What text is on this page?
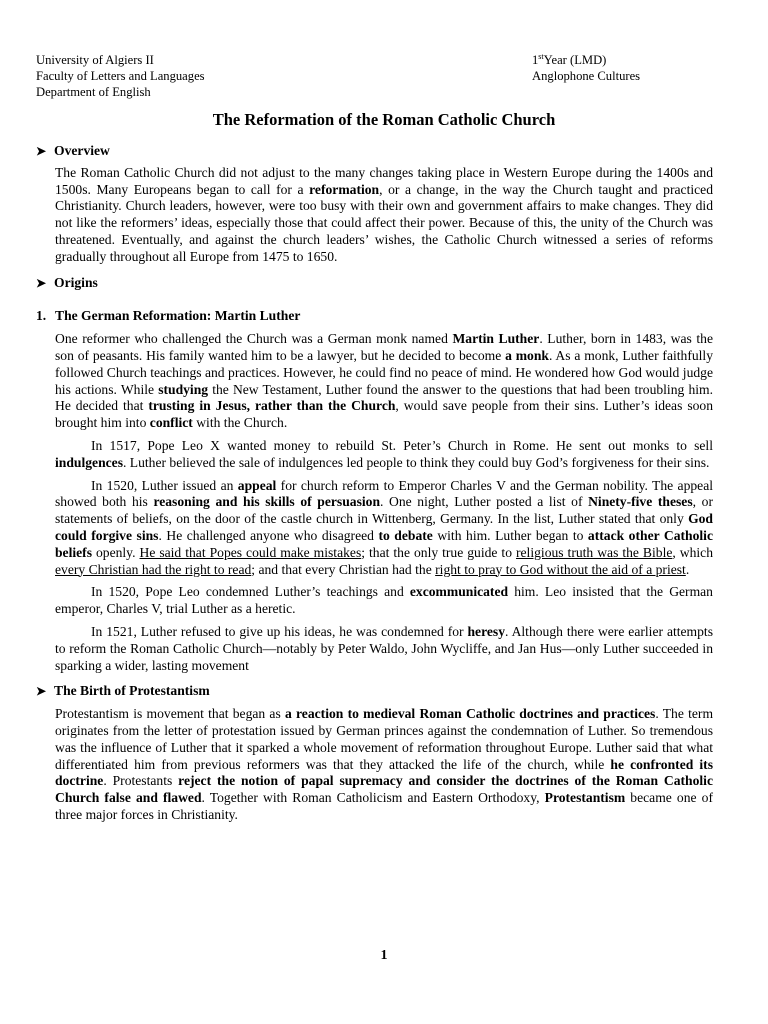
University of Algiers II
Faculty of Letters and Languages
Department of English
1stYear (LMD)
Anglophone Cultures
The Reformation of the Roman Catholic Church
➤ Overview

The Roman Catholic Church did not adjust to the many changes taking place in Western Europe during the 1400s and 1500s. Many Europeans began to call for a reformation, or a change, in the way the Church taught and practiced Christianity. Church leaders, however, were too busy with their own and government affairs to make changes. They did not like the reformers’ ideas, especially those that could affect their power. Because of this, the unity of the Church was threatened. Eventually, and against the church leaders’ wishes, the Catholic Church witnessed a series of reforms gradually throughout all Europe from 1475 to 1650.

➤ Origins
1. The German Reformation: Martin Luther

One reformer who challenged the Church was a German monk named Martin Luther. Luther, born in 1483, was the son of peasants. His family wanted him to be a lawyer, but he decided to become a monk. As a monk, Luther faithfully followed Church teachings and practices. However, he could find no peace of mind. He wondered how God would judge his actions. While studying the New Testament, Luther found the answer to the questions that had been troubling him. He decided that trusting in Jesus, rather than the Church, would save people from their sins. Luther’s ideas soon brought him into conflict with the Church.

In 1517, Pope Leo X wanted money to rebuild St. Peter’s Church in Rome. He sent out monks to sell indulgences. Luther believed the sale of indulgences led people to think they could buy God’s forgiveness for their sins.

In 1520, Luther issued an appeal for church reform to Emperor Charles V and the German nobility. The appeal showed both his reasoning and his skills of persuasion. One night, Luther posted a list of Ninety-five theses, or statements of beliefs, on the door of the castle church in Wittenberg, Germany. In the list, Luther stated that only God could forgive sins. He challenged anyone who disagreed to debate with him. Luther began to attack other Catholic beliefs openly. He said that Popes could make mistakes; that the only true guide to religious truth was the Bible, which every Christian had the right to read; and that every Christian had the right to pray to God without the aid of a priest.

In 1520, Pope Leo condemned Luther’s teachings and excommunicated him. Leo insisted that the German emperor, Charles V, trial Luther as a heretic.

In 1521, Luther refused to give up his ideas, he was condemned for heresy. Although there were earlier attempts to reform the Roman Catholic Church—notably by Peter Waldo, John Wycliffe, and Jan Hus—only Luther succeeded in sparking a wider, lasting movement

➤ The Birth of Protestantism

Protestantism is movement that began as a reaction to medieval Roman Catholic doctrines and practices. The term originates from the letter of protestation issued by German princes against the condemnation of Luther. So tremendous was the influence of Luther that it sparked a whole movement of reformation throughout Europe. Luther said that what differentiated him from previous reformers was that they attacked the life of the church, while he confronted its doctrine. Protestants reject the notion of papal supremacy and consider the doctrines of the Roman Catholic Church false and flawed. Together with Roman Catholicism and Eastern Orthodoxy, Protestantism became one of three major forces in Christianity.

1
